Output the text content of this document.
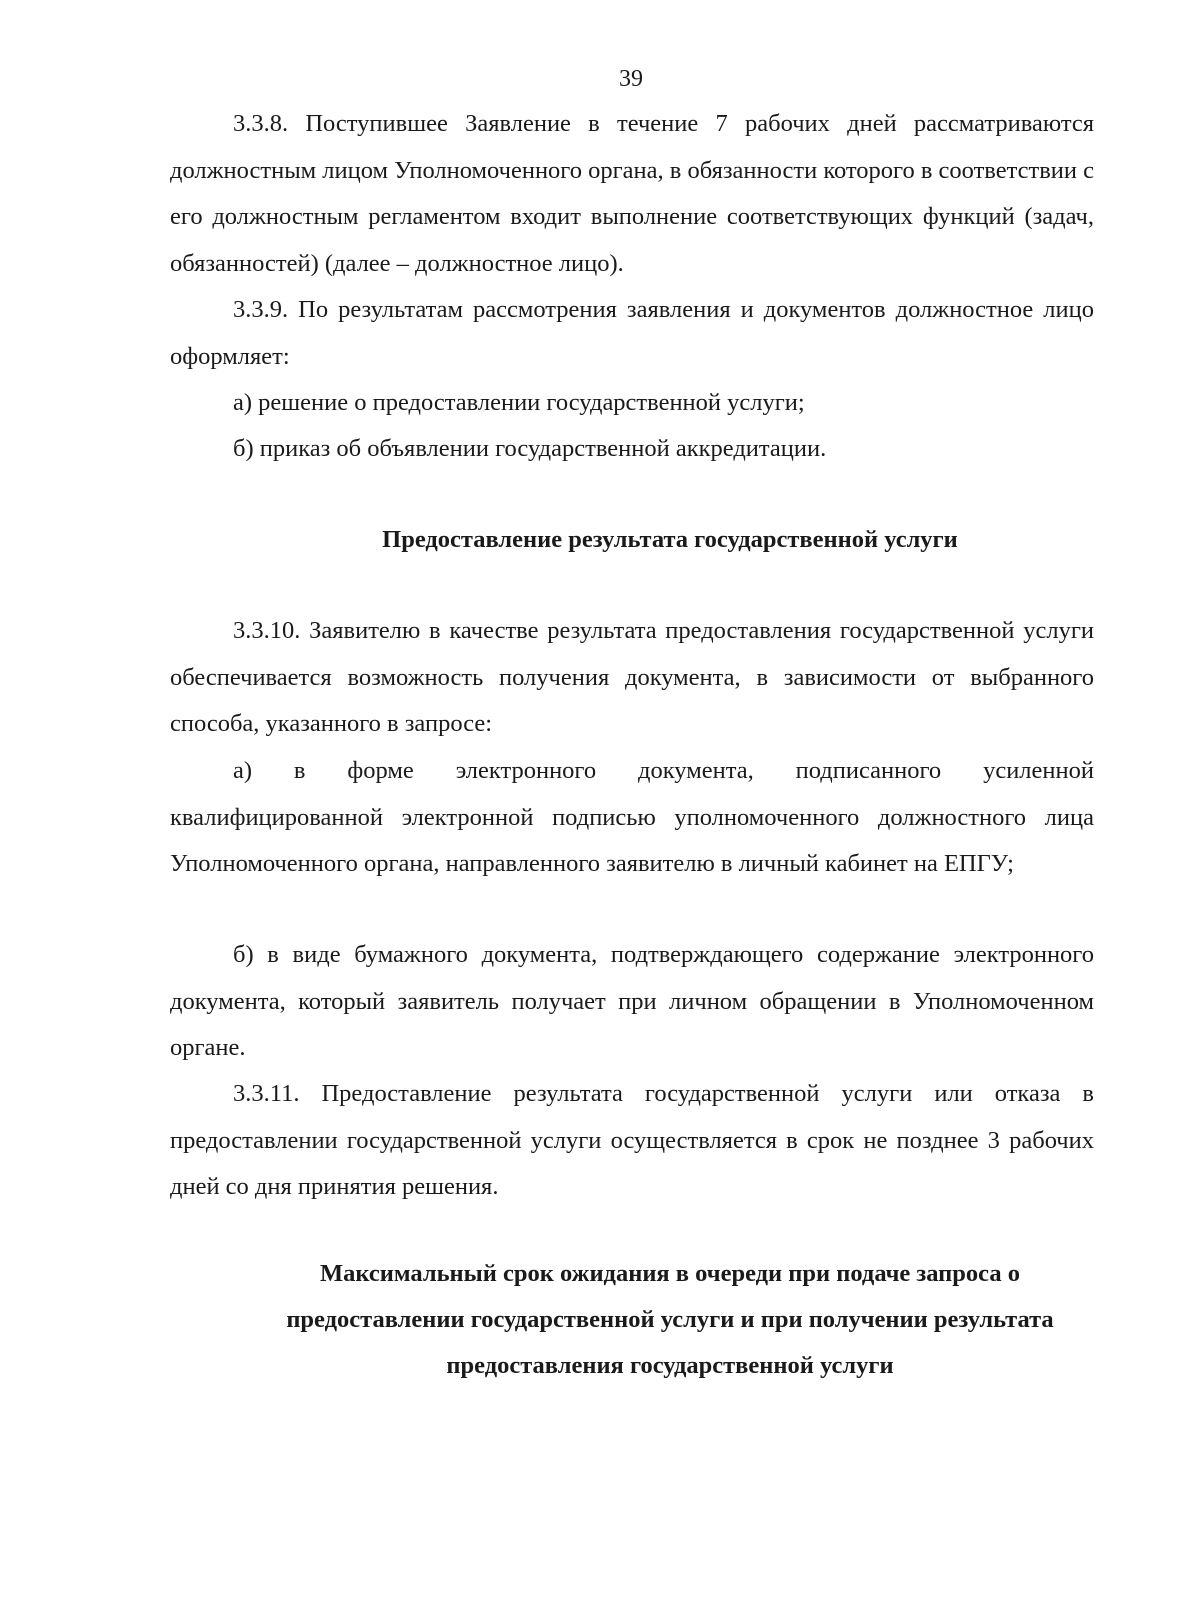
39

3.3.8. Поступившее Заявление в течение 7 рабочих дней рассматриваются должностным лицом Уполномоченного органа, в обязанности которого в соответствии с его должностным регламентом входит выполнение соответствующих функций (задач, обязанностей) (далее – должностное лицо).

3.3.9. По результатам рассмотрения заявления и документов должностное лицо оформляет:

а) решение о предоставлении государственной услуги;

б) приказ об объявлении государственной аккредитации.

Предоставление результата государственной услуги

3.3.10. Заявителю в качестве результата предоставления государственной услуги обеспечивается возможность получения документа, в зависимости от выбранного способа, указанного в запросе:

а) в форме электронного документа, подписанного усиленной квалифицированной электронной подписью уполномоченного должностного лица Уполномоченного органа, направленного заявителю в личный кабинет на ЕПГУ;

б) в виде бумажного документа, подтверждающего содержание электронного документа, который заявитель получает при личном обращении в Уполномоченном органе.

3.3.11. Предоставление результата государственной услуги или отказа в предоставлении государственной услуги осуществляется в срок не позднее 3 рабочих дней со дня принятия решения.

Максимальный срок ожидания в очереди при подаче запроса о
предоставлении государственной услуги и при получении результата
предоставления государственной услуги
